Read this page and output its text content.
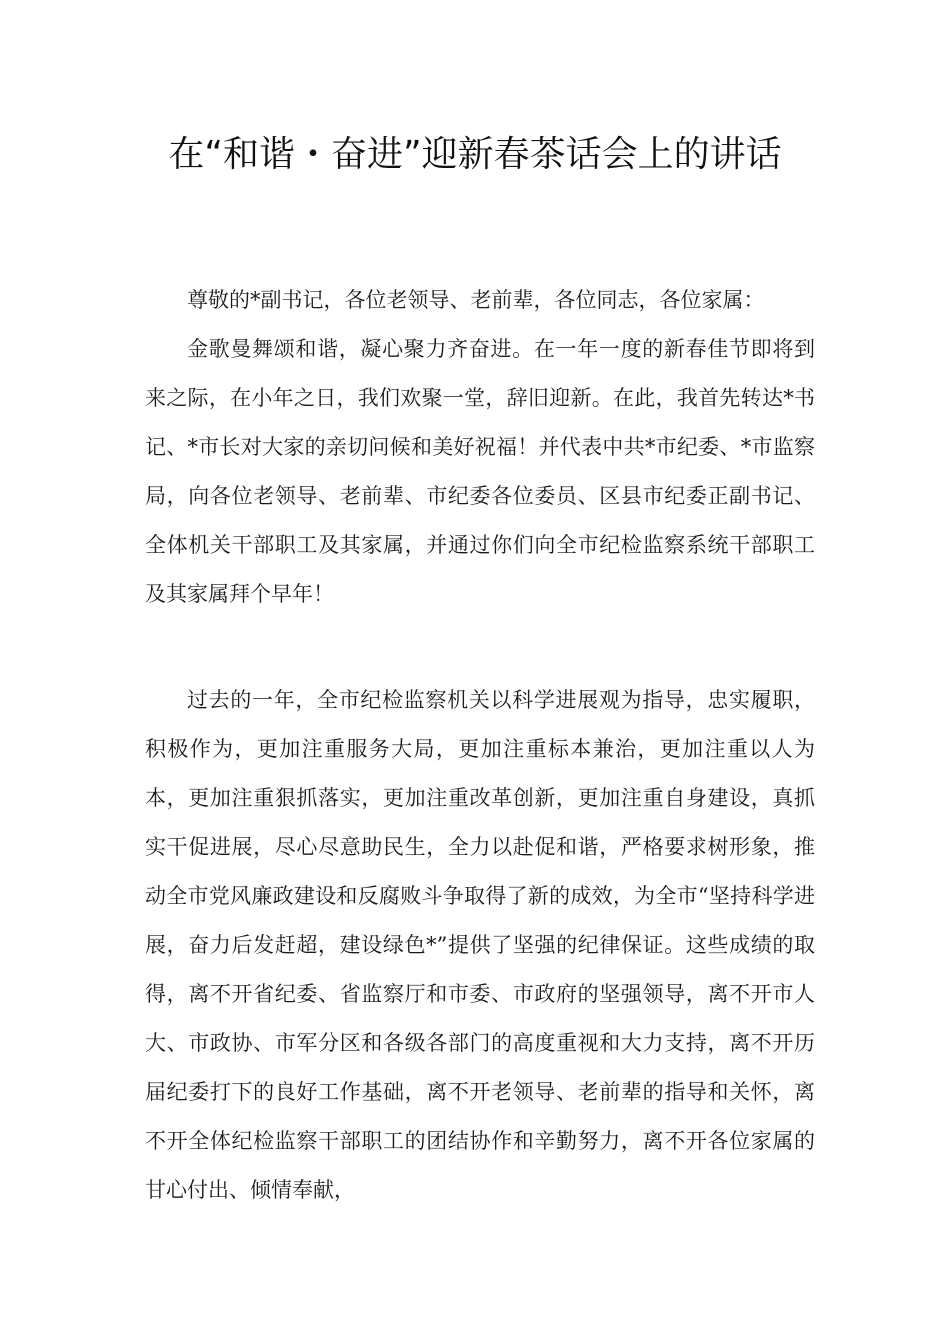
在“和谐・奋进”迎新春茶话会上的讲话

尊敬的*副书记，各位老领导、老前辈，各位同志，各位家属：

金歌曼舞颂和谐，凝心聚力齐奋进。在一年一度的新春佳节即将到来之际，在小年之日，我们欢聚一堂，辞旧迎新。在此，我首先转达*书记、*市长对大家的亲切问候和美好祝福！并代表中共*市纪委、*市监察局，向各位老领导、老前辈、市纪委各位委员、区县市纪委正副书记、全体机关干部职工及其家属，并通过你们向全市纪检监察系统干部职工及其家属拜个早年！

过去的一年，全市纪检监察机关以科学进展观为指导，忠实履职，积极作为，更加注重服务大局，更加注重标本兼治，更加注重以人为本，更加注重狠抓落实，更加注重改革创新，更加注重自身建设，真抓实干促进展，尽心尽意助民生，全力以赴促和谐，严格要求树形象，推动全市党风廉政建设和反腐败斗争取得了新的成效，为全市“坚持科学进展，奋力后发赶超，建设绿色*”提供了坚强的纪律保证。这些成绩的取得，离不开省纪委、省监察厅和市委、市政府的坚强领导，离不开市人大、市政协、市军分区和各级各部门的高度重视和大力支持，离不开历届纪委打下的良好工作基础，离不开老领导、老前辈的指导和关怀，离不开全体纪检监察干部职工的团结协作和辛勤努力，离不开各位家属的甘心付出、倾情奉献，
